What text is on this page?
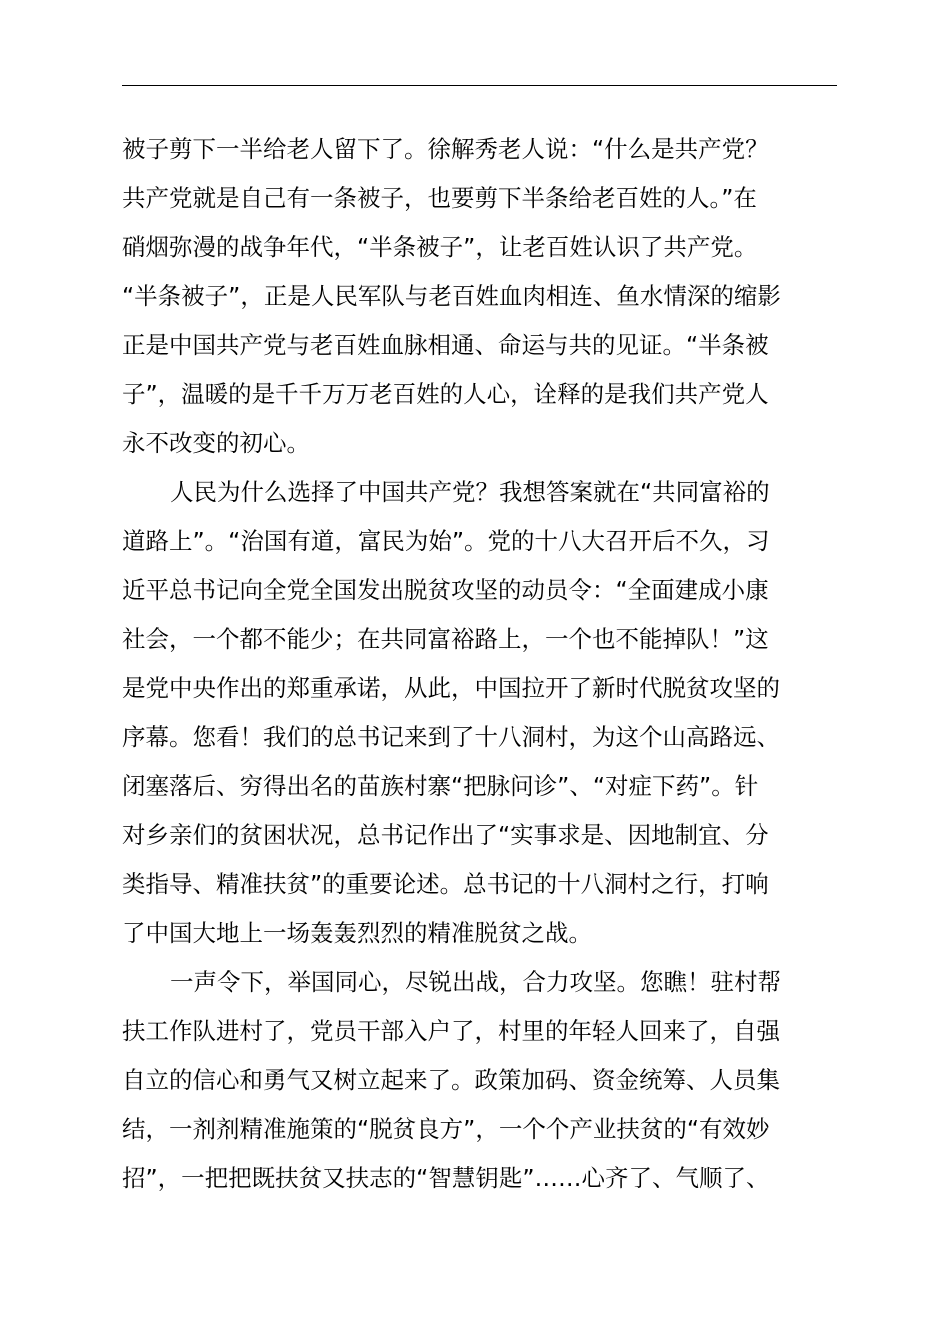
被子剪下一半给老人留下了。徐解秀老人说：“什么是共产党？
共产党就是自己有一条被子，也要剪下半条给老百姓的人。”在
硝烟弥漫的战争年代，“半条被子”，让老百姓认识了共产党。
“半条被子”，正是人民军队与老百姓血肉相连、鱼水情深的缩影
正是中国共产党与老百姓血脉相通、命运与共的见证。“半条被
子”，温暖的是千千万万老百姓的人心，诠释的是我们共产党人
永不改变的初心。
人民为什么选择了中国共产党？我想答案就在“共同富裕的
道路上”。“治国有道，富民为始”。党的十八大召开后不久，习
近平总书记向全党全国发出脱贫攻坚的动员令：“全面建成小康
社会，一个都不能少；在共同富裕路上，一个也不能掉队！”这
是党中央作出的郑重承诺，从此，中国拉开了新时代脱贫攻坚的
序幕。您看！我们的总书记来到了十八洞村，为这个山高路远、
闭塞落后、穷得出名的苗族村寨“把脉问诊”、“对症下药”。针
对乡亲们的贫困状况，总书记作出了“实事求是、因地制宜、分
类指导、精准扶贫”的重要论述。总书记的十八洞村之行，打响
了中国大地上一场轰轰烈烈的精准脱贫之战。
一声令下，举国同心，尽锐出战，合力攻坚。您瞧！驻村帮
扶工作队进村了，党员干部入户了，村里的年轻人回来了，自强
自立的信心和勇气又树立起来了。政策加码、资金统筹、人员集
结，一剂剂精准施策的“脱贫良方”，一个个产业扶贫的“有效妙
招”，一把把既扶贫又扶志的“智慧钥匙”……心齐了、气顺了、
